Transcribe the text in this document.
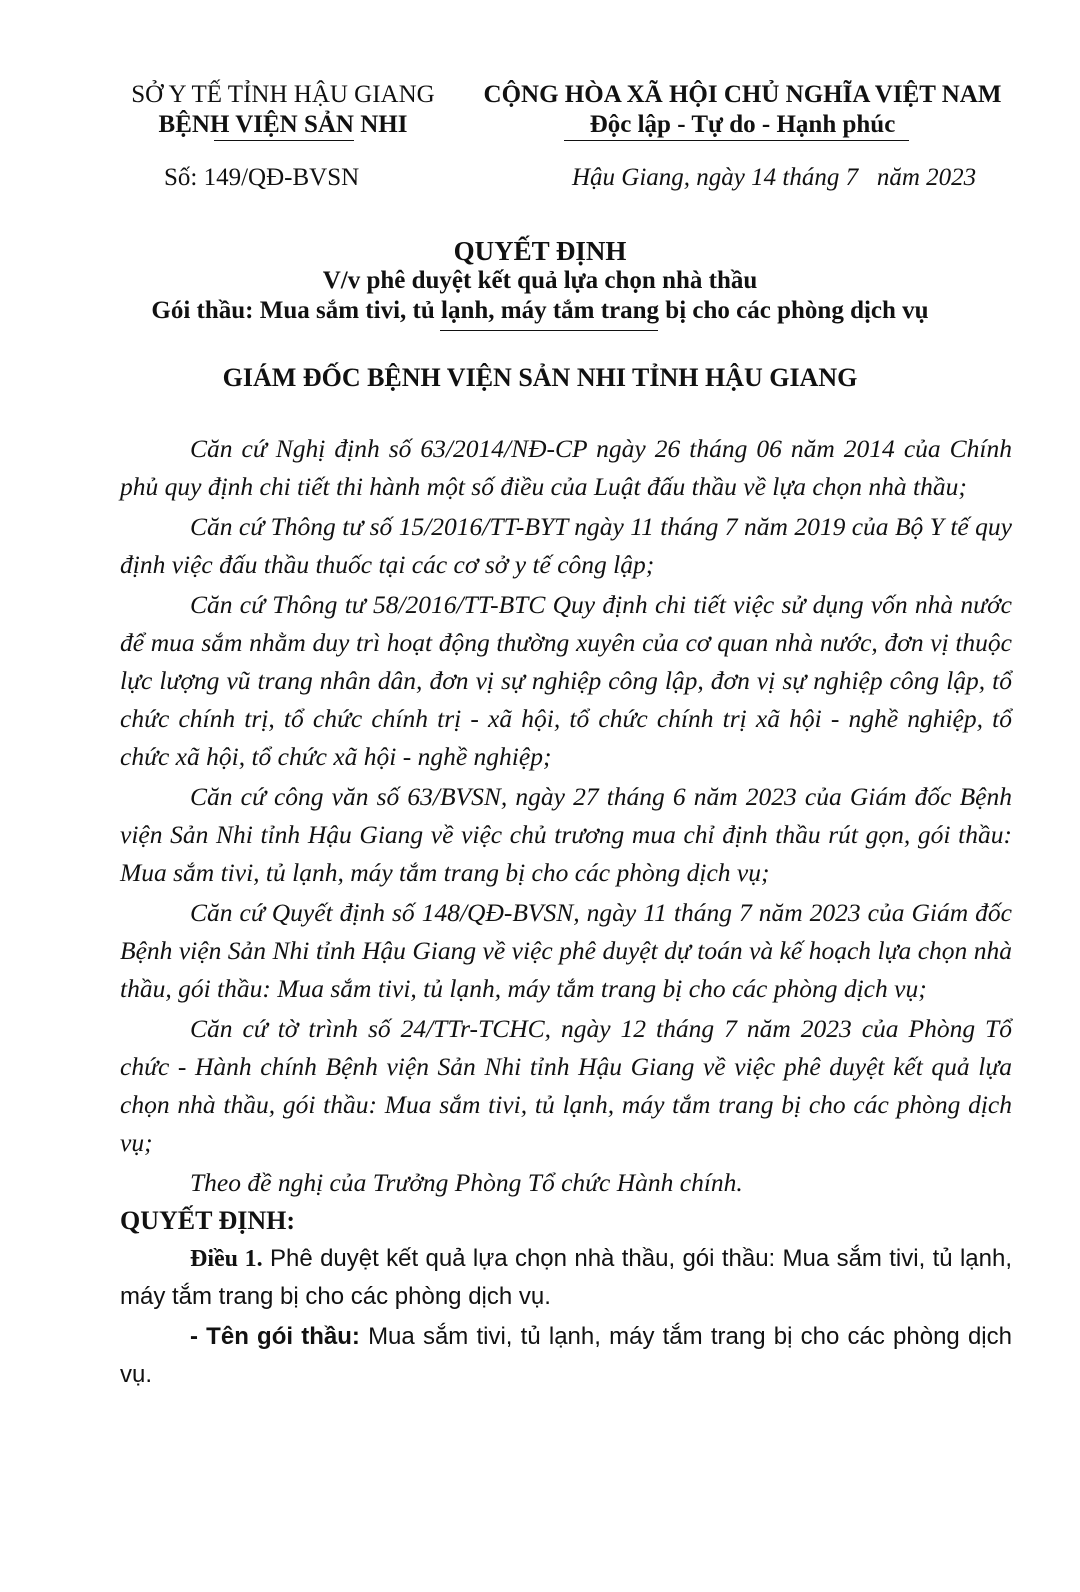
SỞ Y TẾ TỈNH HẬU GIANG
BỆNH VIỆN SẢN NHI
CỘNG HÒA XÃ HỘI CHỦ NGHĨA VIỆT NAM
Độc lập - Tự do - Hạnh phúc
Số: 149/QĐ-BVSN	Hậu Giang, ngày 14 tháng 7   năm 2023
QUYẾT ĐỊNH
V/v phê duyệt kết quả lựa chọn nhà thầu
Gói thầu: Mua sắm tivi, tủ lạnh, máy tắm trang bị cho các phòng dịch vụ
GIÁM ĐỐC BỆNH VIỆN SẢN NHI TỈNH HẬU GIANG

Căn cứ Nghị định số 63/2014/NĐ-CP ngày 26 tháng 06 năm 2014 của Chính phủ quy định chi tiết thi hành một số điều của Luật đấu thầu về lựa chọn nhà thầu;

Căn cứ Thông tư số 15/2016/TT-BYT ngày 11 tháng 7 năm 2019 của Bộ Y tế quy định việc đấu thầu thuốc tại các cơ sở y tế công lập;

Căn cứ Thông tư 58/2016/TT-BTC Quy định chi tiết việc sử dụng vốn nhà nước để mua sắm nhằm duy trì hoạt động thường xuyên của cơ quan nhà nước, đơn vị thuộc lực lượng vũ trang nhân dân, đơn vị sự nghiệp công lập, đơn vị sự nghiệp công lập, tổ chức chính trị, tổ chức chính trị - xã hội, tổ chức chính trị xã hội - nghề nghiệp, tổ chức xã hội, tổ chức xã hội - nghề nghiệp;

Căn cứ công văn số 63/BVSN, ngày 27 tháng 6 năm 2023 của Giám đốc Bệnh viện Sản Nhi tỉnh Hậu Giang về việc chủ trương mua chỉ định thầu rút gọn, gói thầu: Mua sắm tivi, tủ lạnh, máy tắm trang bị cho các phòng dịch vụ;

Căn cứ Quyết định số 148/QĐ-BVSN, ngày 11 tháng 7 năm 2023 của Giám đốc Bệnh viện Sản Nhi tỉnh Hậu Giang về việc phê duyệt dự toán và kế hoạch lựa chọn nhà thầu, gói thầu: Mua sắm tivi, tủ lạnh, máy tắm trang bị cho các phòng dịch vụ;

Căn cứ tờ trình số 24/TTr-TCHC, ngày 12 tháng 7 năm 2023 của Phòng Tổ chức - Hành chính Bệnh viện Sản Nhi tỉnh Hậu Giang về việc phê duyệt kết quả lựa chọn nhà thầu, gói thầu: Mua sắm tivi, tủ lạnh, máy tắm trang bị cho các phòng dịch vụ;

Theo đề nghị của Trưởng Phòng Tổ chức Hành chính.

QUYẾT ĐỊNH:

Điều 1. Phê duyệt kết quả lựa chọn nhà thầu, gói thầu: Mua sắm tivi, tủ lạnh, máy tắm trang bị cho các phòng dịch vụ.

- Tên gói thầu: Mua sắm tivi, tủ lạnh, máy tắm trang bị cho các phòng dịch vụ.
